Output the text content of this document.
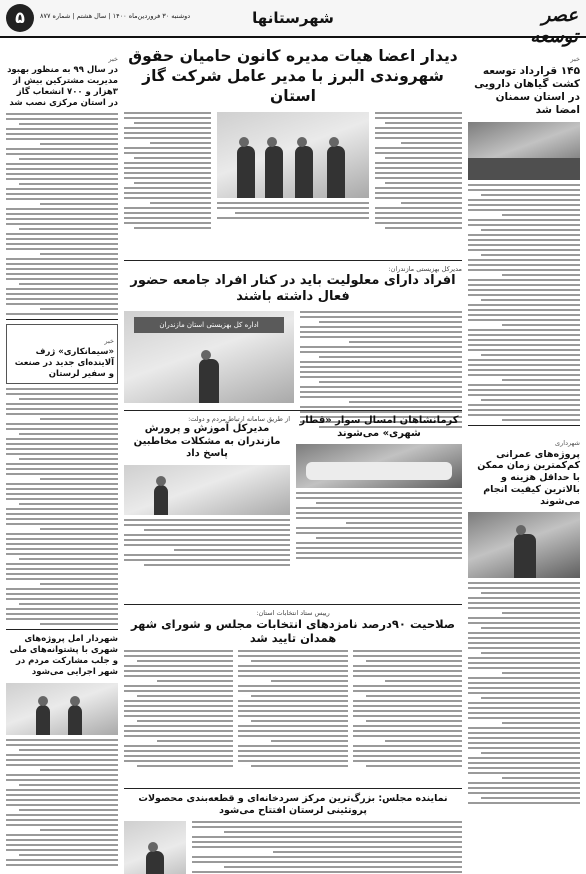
عصر توسعه
شهرستانها
۵	دوشنبه ۳۰ فروردین‌ماه ۱۴۰۰ | سال هشتم | شماره ۸۷۷
خبر
۱۴۵ قرارداد توسعه کشت گیاهان دارویی در استان سمنان امضا شد
شهرداری
پروژه‌های عمرانی کم‌کمترین زمان ممکن با حداقل هزینه و بالاترین کیفیت انجام می‌شوند
خبر
در سال ۹۹ به منظور بهبود مدیریت مشترکین بیش از ۳هزار و ۷۰۰ انشعاب گاز در استان مرکزی نصب شد
خبر
«سیمانکاری» ژرف آلاینده‌ای جدید در صنعت و سفیر لرستان
شهردار امل پروژه‌های شهری با پشتوانه‌های ملی و جلب مشارکت مردم در شهر اجرایی می‌شود
دیدار اعضا هیات مدیره کانون حامیان حقوق شهروندی البرز با مدیر عامل شرکت گاز استان
مدیرکل بهزیستی مازندران:
افراد دارای معلولیت باید در کنار افراد جامعه حضور فعال داشته باشند
اداره کل بهزیستی استان مازندران
کرمانشاهان امسال سوار «قطار شهری» می‌شوند
از طریق سامانه ارتباط مردم و دولت:
مدیرکل آموزش و پرورش مازندران به مشکلات مخاطبین پاسخ داد
رییس ستاد انتخابات استان:
صلاحیت ۹۰درصد نامزدهای انتخابات مجلس و شورای شهر همدان تایید شد
نماینده مجلس: بزرگ‌ترین مرکز سردخانه‌ای و قطعه‌بندی محصولات پروتئینی لرستان افتتاح می‌شود
